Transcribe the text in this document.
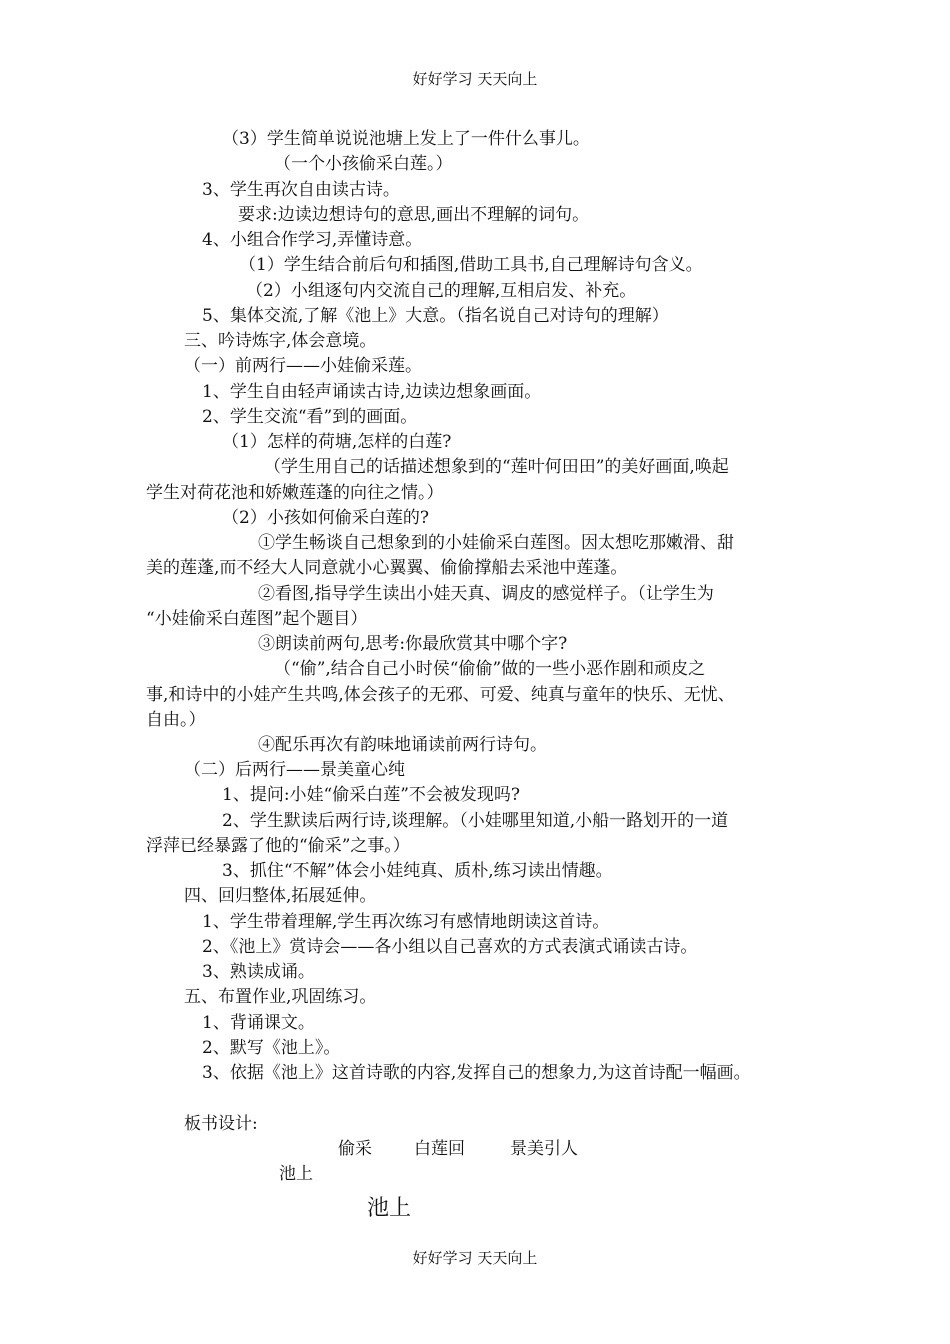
好好学习 天天向上
（3）学生简单说说池塘上发上了一件什么事儿。
（一个小孩偷采白莲。）
3、学生再次自由读古诗。
要求:边读边想诗句的意思,画出不理解的词句。
4、小组合作学习,弄懂诗意。
（1）学生结合前后句和插图,借助工具书,自己理解诗句含义。
（2）小组逐句内交流自己的理解,互相启发、补充。
5、集体交流,了解《池上》大意。（指名说自己对诗句的理解）
三、吟诗炼字,体会意境。
（一）前两行——小娃偷采莲。
1、学生自由轻声诵读古诗,边读边想象画面。
2、学生交流“看”到的画面。
（1）怎样的荷塘,怎样的白莲?
（学生用自己的话描述想象到的“莲叶何田田”的美好画面,唤起
学生对荷花池和娇嫩莲蓬的向往之情。）
（2）小孩如何偷采白莲的?
①学生畅谈自己想象到的小娃偷采白莲图。因太想吃那嫩滑、甜
美的莲蓬,而不经大人同意就小心翼翼、偷偷撑船去采池中莲蓬。
②看图,指导学生读出小娃天真、调皮的感觉样子。（让学生为
“小娃偷采白莲图”起个题目）
③朗读前两句,思考:你最欣赏其中哪个字?
（“偷”,结合自己小时侯“偷偷”做的一些小恶作剧和顽皮之
事,和诗中的小娃产生共鸣,体会孩子的无邪、可爱、纯真与童年的快乐、无忧、
自由。）
④配乐再次有韵味地诵读前两行诗句。
（二）后两行——景美童心纯
1、提问:小娃“偷采白莲”不会被发现吗?
2、学生默读后两行诗,谈理解。（小娃哪里知道,小船一路划开的一道
浮萍已经暴露了他的“偷采”之事。）
3、抓住“不解”体会小娃纯真、质朴,练习读出情趣。
四、回归整体,拓展延伸。
1、学生带着理解,学生再次练习有感情地朗读这首诗。
2、《池上》赏诗会——各小组以自己喜欢的方式表演式诵读古诗。
3、熟读成诵。
五、布置作业,巩固练习。
1、背诵课文。
2、默写《池上》。
3、依据《池上》这首诗歌的内容,发挥自己的想象力,为这首诗配一幅画。
板书设计:
偷采 白莲回	景美引人
池上
池上
好好学习 天天向上
